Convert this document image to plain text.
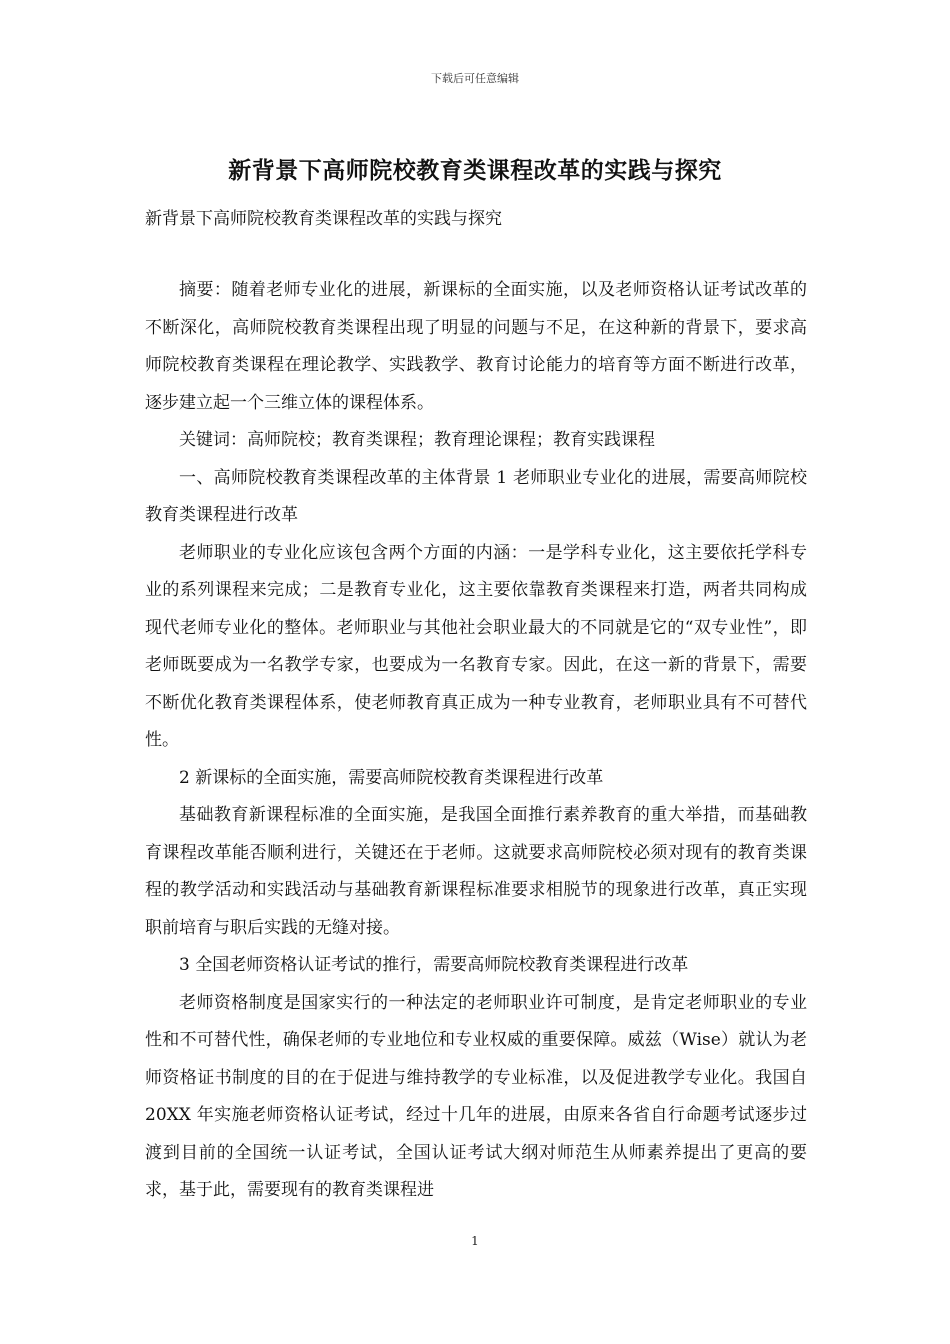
下载后可任意编辑
新背景下高师院校教育类课程改革的实践与探究
新背景下高师院校教育类课程改革的实践与探究

摘要：随着老师专业化的进展，新课标的全面实施，以及老师资格认证考试改革的不断深化，高师院校教育类课程出现了明显的问题与不足，在这种新的背景下，要求高师院校教育类课程在理论教学、实践教学、教育讨论能力的培育等方面不断进行改革，逐步建立起一个三维立体的课程体系。

关键词：高师院校；教育类课程；教育理论课程；教育实践课程

一、高师院校教育类课程改革的主体背景 1 老师职业专业化的进展，需要高师院校教育类课程进行改革

老师职业的专业化应该包含两个方面的内涵：一是学科专业化，这主要依托学科专业的系列课程来完成；二是教育专业化，这主要依靠教育类课程来打造，两者共同构成现代老师专业化的整体。老师职业与其他社会职业最大的不同就是它的“双专业性”，即老师既要成为一名教学专家，也要成为一名教育专家。因此，在这一新的背景下，需要不断优化教育类课程体系，使老师教育真正成为一种专业教育，老师职业具有不可替代性。

2 新课标的全面实施，需要高师院校教育类课程进行改革

基础教育新课程标准的全面实施，是我国全面推行素养教育的重大举措，而基础教育课程改革能否顺利进行，关键还在于老师。这就要求高师院校必须对现有的教育类课程的教学活动和实践活动与基础教育新课程标准要求相脱节的现象进行改革，真正实现职前培育与职后实践的无缝对接。

3 全国老师资格认证考试的推行，需要高师院校教育类课程进行改革

老师资格制度是国家实行的一种法定的老师职业许可制度，是肯定老师职业的专业性和不可替代性，确保老师的专业地位和专业权威的重要保障。威兹（Wise）就认为老师资格证书制度的目的在于促进与维持教学的专业标准，以及促进教学专业化。我国自 20XX 年实施老师资格认证考试，经过十几年的进展，由原来各省自行命题考试逐步过渡到目前的全国统一认证考试，全国认证考试大纲对师范生从师素养提出了更高的要求，基于此，需要现有的教育类课程进

1
